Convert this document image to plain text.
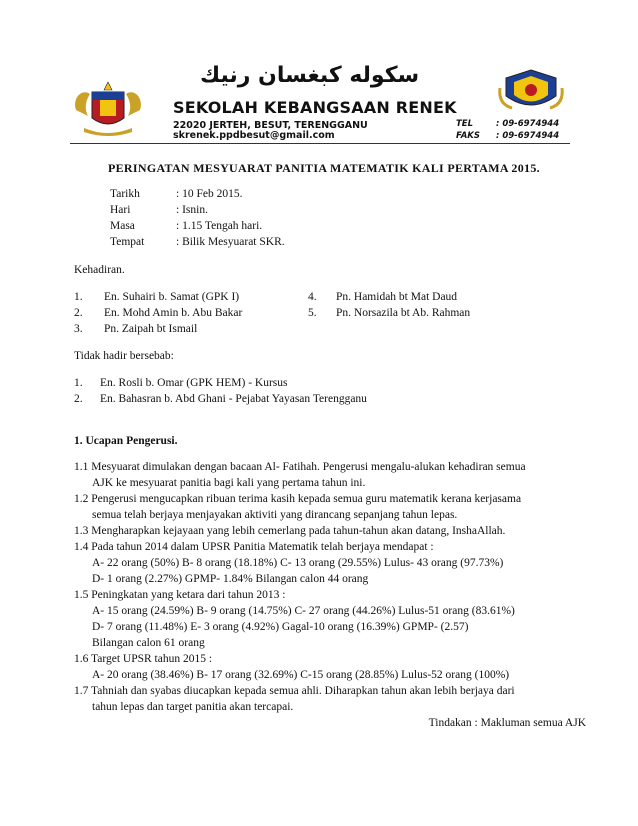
سكوله كبغسان رنيك
SEKOLAH KEBANGSAAN RENEK
22020 JERTEH, BESUT, TERENGGANU
skrenek.ppdbesut@gmail.com
TEL	: 09-6974944
FAKS : 09-6974944
PERINGATAN MESYUARAT PANITIA MATEMATIK KALI PERTAMA 2015.
Tarikh	: 10 Feb 2015.
Hari	: Isnin.
Masa	: 1.15 Tengah hari.
Tempat	: Bilik Mesyuarat SKR.
Kehadiran.
1. En. Suhairi b. Samat (GPK I)
2. En. Mohd Amin b. Abu Bakar
3. Pn. Zaipah bt Ismail
4. Pn. Hamidah bt Mat Daud
5. Pn. Norsazila bt Ab. Rahman
Tidak hadir bersebab:
1. En. Rosli b. Omar (GPK HEM) - Kursus
2. En. Bahasran b. Abd Ghani - Pejabat Yayasan Terengganu
1. Ucapan Pengerusi.
1.1 Mesyuarat dimulakan dengan bacaan Al- Fatihah. Pengerusi mengalu-alukan kehadiran semua
AJK ke mesyuarat panitia bagi kali yang pertama tahun ini.
1.2 Pengerusi mengucapkan ribuan terima kasih kepada semua guru matematik kerana kerjasama
semua telah berjaya menjayakan aktiviti yang dirancang sepanjang tahun lepas.
1.3 Mengharapkan kejayaan yang lebih cemerlang pada tahun-tahun akan datang, InshaAllah.
1.4 Pada tahun 2014 dalam UPSR Panitia Matematik telah berjaya mendapat :
A- 22 orang (50%) B- 8 orang (18.18%) C- 13 orang (29.55%) Lulus- 43 orang (97.73%)
D- 1 orang (2.27%) GPMP- 1.84% Bilangan calon 44 orang
1.5 Peningkatan yang ketara dari tahun 2013 :
A- 15 orang (24.59%) B- 9 orang (14.75%) C- 27 orang (44.26%) Lulus-51 orang (83.61%)
D- 7 orang (11.48%) E- 3 orang (4.92%) Gagal-10 orang (16.39%) GPMP- (2.57)
Bilangan calon 61 orang
1.6 Target UPSR tahun 2015 :
A- 20 orang (38.46%) B- 17 orang (32.69%) C-15 orang (28.85%) Lulus-52 orang (100%)
1.7 Tahniah dan syabas diucapkan kepada semua ahli. Diharapkan tahun akan lebih berjaya dari
tahun lepas dan target panitia akan tercapai.
Tindakan : Makluman semua AJK
